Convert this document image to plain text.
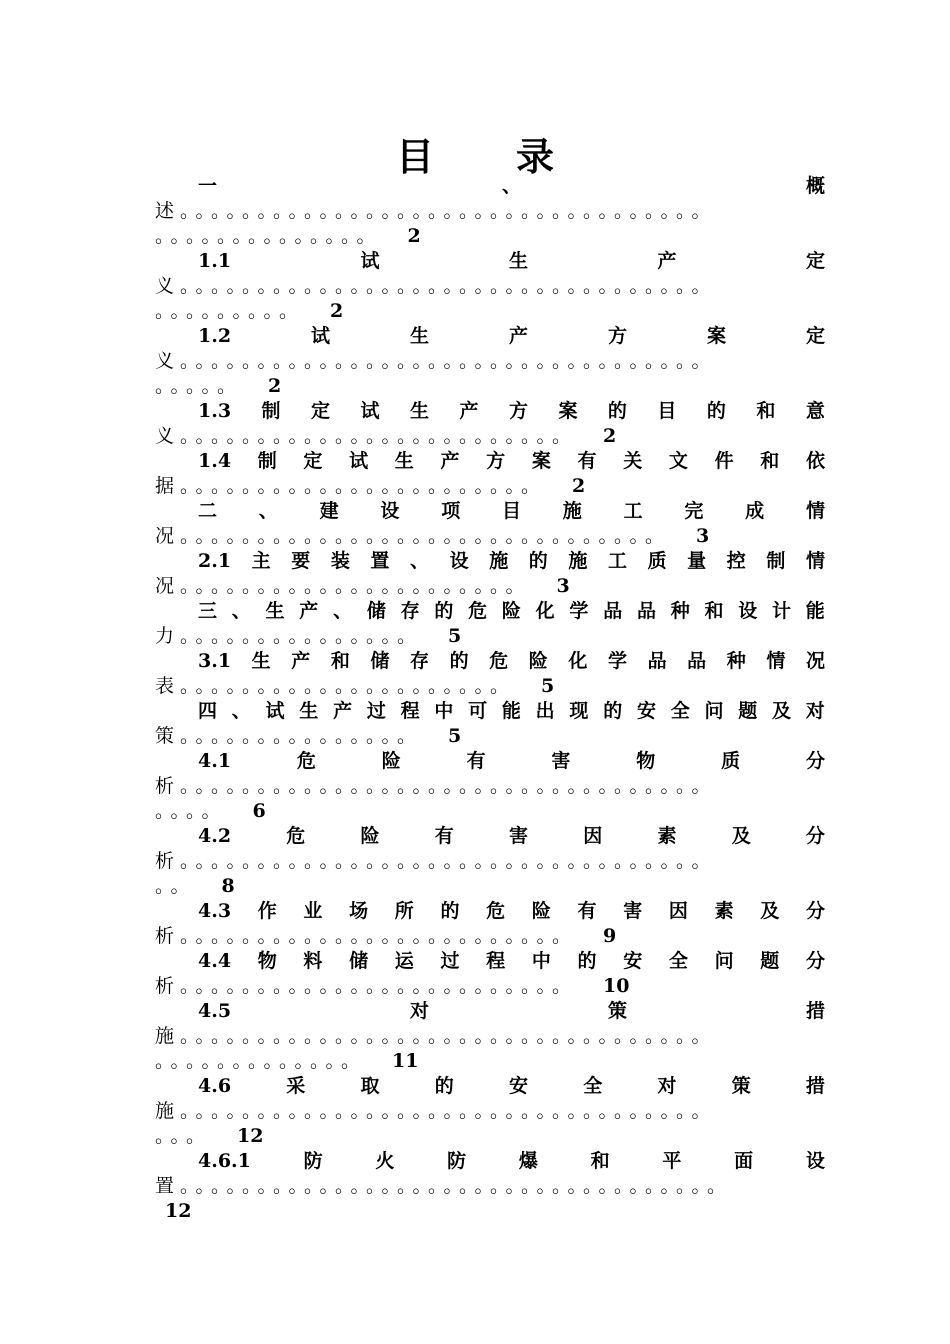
目　录
一	、	概
述。。。。。。。。。。。。。。。。。。。。。。。。。。。。。。。。。。
。。。。。。。。。。。。。。 2
1.1	试	生	产	定
义。。。。。。。。。。。。。。。。。。。。。。。。。。。。。。。。。。
。。。。。。。。。 2
1.2	试	生	产	方	案	定
义。。。。。。。。。。。。。。。。。。。。。。。。。。。。。。。。。。
。。。。。 2
1.3 制 定 试 生 产 方 案 的 目 的 和 意
义。。。。。。。。。。。。。。。。。。。。。。。。。 2
1.4 制 定 试 生 产 方 案 有 关 文 件 和 依
据。。。。。。。。。。。。。。。。。。。。。。。 2
二 、 建 设 项 目 施 工 完 成 情
况。。。。。。。。。。。。。。。。。。。。。。。。。。。。。。。 3
2.1 主 要 装 置 、 设 施 的 施 工 质 量 控 制 情
况。。。。。。。。。。。。。。。。。。。。。。 3
三 、 生 产 、 储 存 的 危 险 化 学 品 品 种 和 设 计 能
力。。。。。。。。。。。。。。。 5
3.1 生 产 和 储 存 的 危 险 化 学 品 品 种 情 况
表。。。。。。。。。。。。。。。。。。。。。 5
四 、 试 生 产 过 程 中 可 能 出 现 的 安 全 问 题 及 对
策。。。。。。。。。。。。。。。 5
4.1	危	险	有	害	物	质	分
析。。。。。。。。。。。。。。。。。。。。。。。。。。。。。。。。。。
。。。。 6
4.2	危	险	有	害	因	素	及	分
析。。。。。。。。。。。。。。。。。。。。。。。。。。。。。。。。。。
。。 8
4.3 作 业 场 所 的 危 险 有 害 因 素 及 分
析。。。。。。。。。。。。。。。。。。。。。。。。。 9
4.4 物 料 储 运 过 程 中 的 安 全 问 题 分
析。。。。。。。。。。。。。。。。。。。。。。。。。 10
4.5	对	策	措
施。。。。。。。。。。。。。。。。。。。。。。。。。。。。。。。。。。
。。。。。。。。。。。。。 11
4.6	采	取	的	安	全	对	策	措
施。。。。。。。。。。。。。。。。。。。。。。。。。。。。。。。。。。
。。。 12
4.6.1	防	火	防	爆	和	平	面	设
置。。。。。。。。。。。。。。。。。。。。。。。。。。。。。。。。。。。
12
